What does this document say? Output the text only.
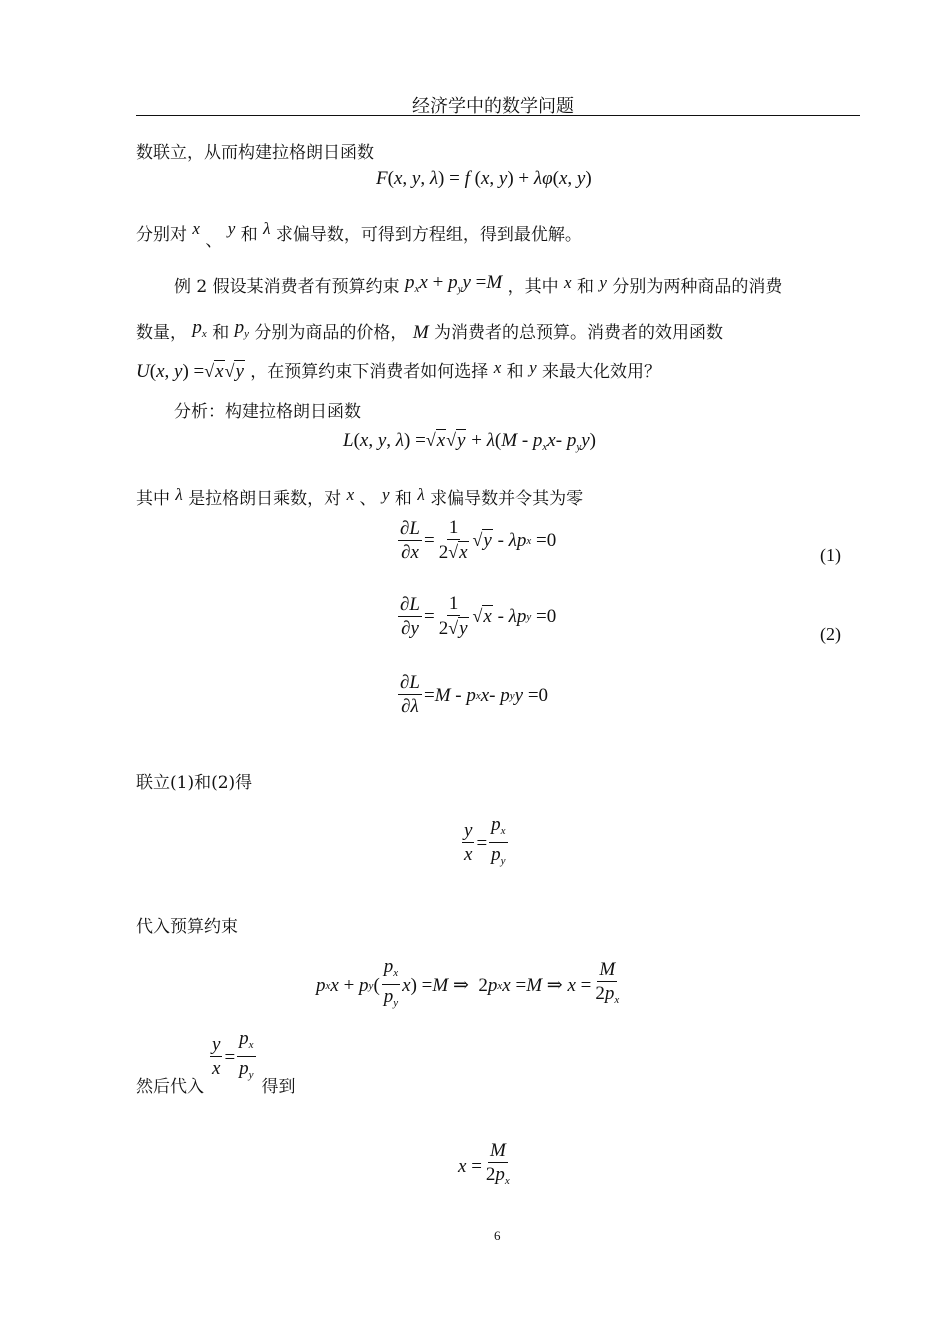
经济学中的数学问题
数联立，从而构建拉格朗日函数
F(x, y, λ) = f (x, y) + λφ(x, y)
分别对 x 、 y 和 λ 求偏导数，可得到方程组，得到最优解。
例 2 假设某消费者有预算约束 $p_xx + p_yy =M$ ，其中 x 和 y 分别为两种商品的消费
数量， $p_x$ 和 $p_y$ 分别为商品的价格， M 为消费者的总预算。消费者的效用函数
U(x, y) =√x√y ，在预算约束下消费者如何选择 x 和 y 来最大化效用？
分析：构建拉格朗日函数
L(x, y, $\lambda) =√x√y + \lambda(M - p_xx-$ $p_yy$)
其中 λ 是拉格朗日乘数，对 x 、 y 和 λ 求偏导数并令其为零
$\frac{\partial L}{\partial x} = \frac{1}{2√x} √y - \lambda p$ x =0
(1)
$\frac{\partial L}{\partial y} = \frac{1}{2√y} √x - \lambda p$ y =0
(2)
$\frac{\partial L}{\partial\lambda} = M - p$ x x - p y y =0
联立(1)和(2)得
$\frac{y}{x} = \frac{p_x}{p_y}$
代入预算约束
p x x + p y ( $\frac{p_x}{p_y}$ x ) = M ⇒  2 p x x = M ⇒ $x = \frac{M}{2p_x}$
然后代入
$\frac{y}{x} = \frac{p_x}{p_y}$ 得到
$x = \frac{M}{2p_x}$
6
